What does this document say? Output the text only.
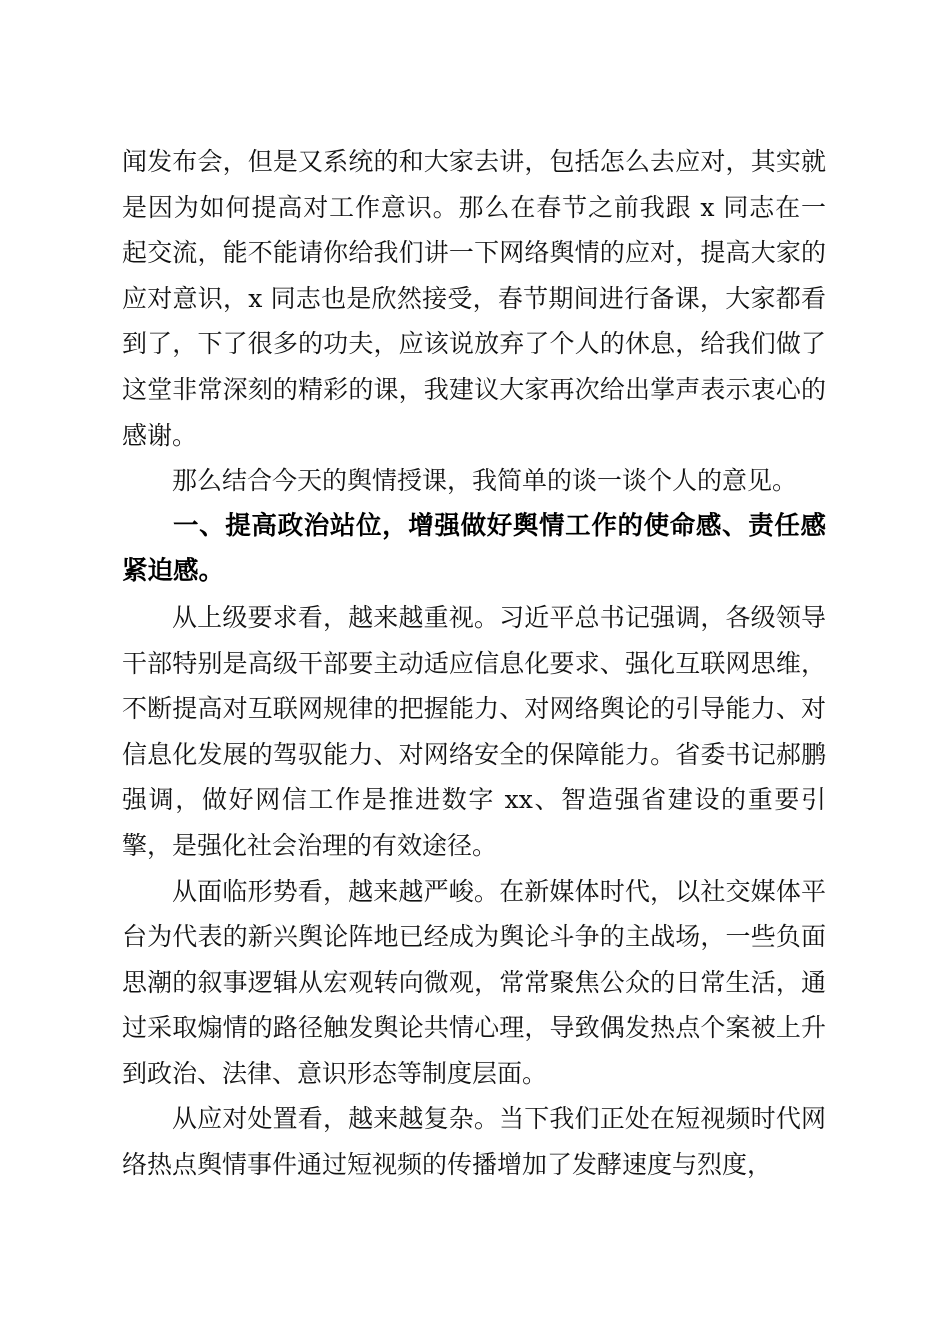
闻发布会，但是又系统的和大家去讲，包括怎么去应对，其实就是因为如何提高对工作意识。那么在春节之前我跟 x 同志在一起交流，能不能请你给我们讲一下网络舆情的应对，提高大家的应对意识，x 同志也是欣然接受，春节期间进行备课，大家都看到了，下了很多的功夫，应该说放弃了个人的休息，给我们做了这堂非常深刻的精彩的课，我建议大家再次给出掌声表示衷心的感谢。

那么结合今天的舆情授课，我简单的谈一谈个人的意见。

一、提高政治站位，增强做好舆情工作的使命感、责任感紧迫感。

从上级要求看，越来越重视。习近平总书记强调，各级领导干部特别是高级干部要主动适应信息化要求、强化互联网思维，不断提高对互联网规律的把握能力、对网络舆论的引导能力、对信息化发展的驾驭能力、对网络安全的保障能力。省委书记郝鹏强调，做好网信工作是推进数字 xx、智造强省建设的重要引擎，是强化社会治理的有效途径。

从面临形势看，越来越严峻。在新媒体时代，以社交媒体平台为代表的新兴舆论阵地已经成为舆论斗争的主战场，一些负面思潮的叙事逻辑从宏观转向微观，常常聚焦公众的日常生活，通过采取煽情的路径触发舆论共情心理，导致偶发热点个案被上升到政治、法律、意识形态等制度层面。

从应对处置看，越来越复杂。当下我们正处在短视频时代网络热点舆情事件通过短视频的传播增加了发酵速度与烈度，
